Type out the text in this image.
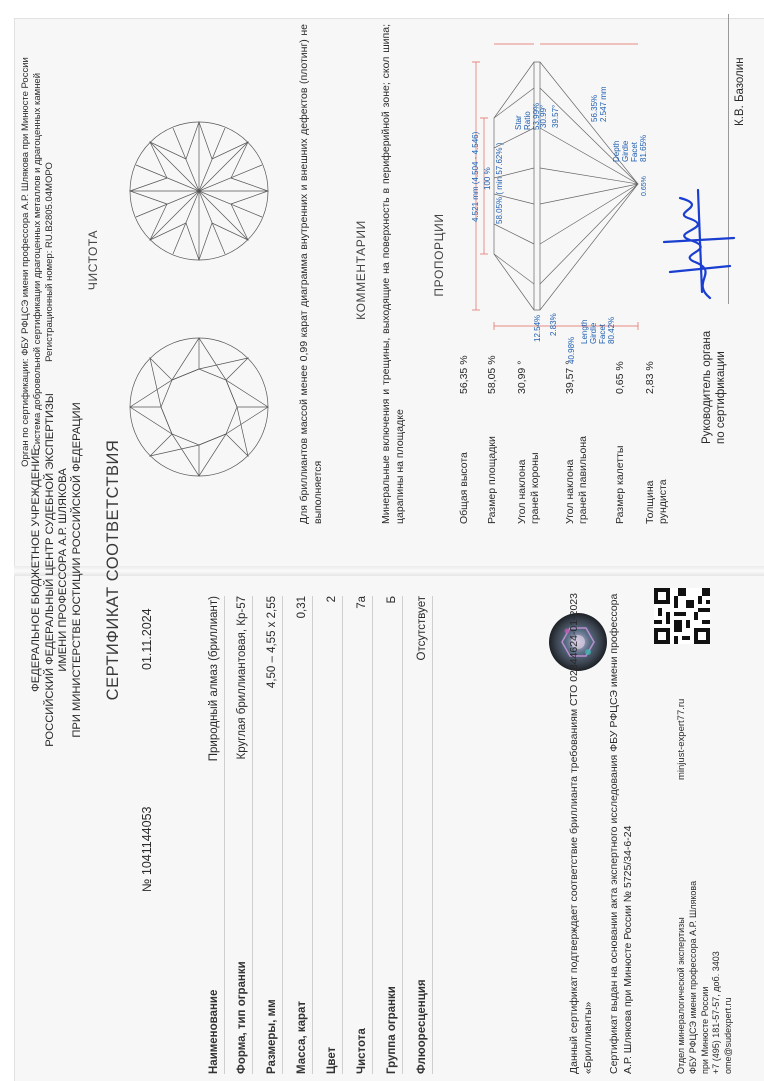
ФЕДЕРАЛЬНОЕ БЮДЖЕТНОЕ УЧРЕЖДЕНИЕ РОССИЙСКИЙ ФЕДЕРАЛЬНЫЙ ЦЕНТР СУДЕБНОЙ ЭКСПЕРТИЗЫ ИМЕНИ ПРОФЕССОРА А.Р. ШЛЯКОВА ПРИ МИНИСТЕРСТВЕ ЮСТИЦИИ РОССИЙСКОЙ ФЕДЕРАЦИИ СЕРТИФИКАТ СООТВЕТСТВИЯ
№ 1041144053
01.11.2024
Наименование
Природный алмаз (бриллиант)
Форма, тип огранки
Круглая бриллиантовая, Кр-57
Размеры, мм
4,50 – 4,55 x 2,55
Масса, карат
0,31
Цвет
2
Чистота
7a
Группа огранки
Б
Флюоресценция
Отсутствует	Данный сертификат подтверждает соответствие бриллианта требованиям СТО 02844624-01-2023 «Бриллианты» Сертификат выдан на основании акта экспертного исследования ФБУ РФЦСЭ имени профессора А.Р. Шлякова при Минюсте России № 5725/34-6-24	Отдел минералогической экспертизы ФБУ РФЦСЭ имени профессора А.Р. Шлякова при Минюсте России +7 (495) 181-57-57, доб. 3403 ome@sudexpert.ru
minjust-expert77.ru
Орган по сертификации: ФБУ РФЦСЭ имени профессора А.Р. Шлякова при Минюсте России Система добровольной сертификации драгоценных металлов и драгоценных камней Регистрационный номер: RU.B2805.04МОРО	ЧИСТОТА	Для бриллиантов массой менее 0,99 карат диаграмма внутренних и внешних дефектов (плотинг) не выполняется
КОММЕНТАРИИ Минеральные включения и трещины, выходящие на поверхность в периферийной зоне; скол шипа; царапины на площадке
ПРОПОРЦИИ
Общая высота
56,35 %
Размер площадки
58,05 %
Угол наклона граней короны
30,99 °
Угол наклона граней павильона
39,57 °
Размер калетты
0,65 %
Толщина рундиста
2,83 %
0.65%
4.521 mm (4.504 - 4.546) 100 % 58.05% ( min 57.62% )
12.54% 2.83%
40.98%
Length Girdle Facet 80.42%
Star Ratio 53.99%
30.99° 39.57°	56.35% 2.547 mm
Depth Girdle Facet 81.65%
Руководитель органа по сертификации
К.В. Базолин
